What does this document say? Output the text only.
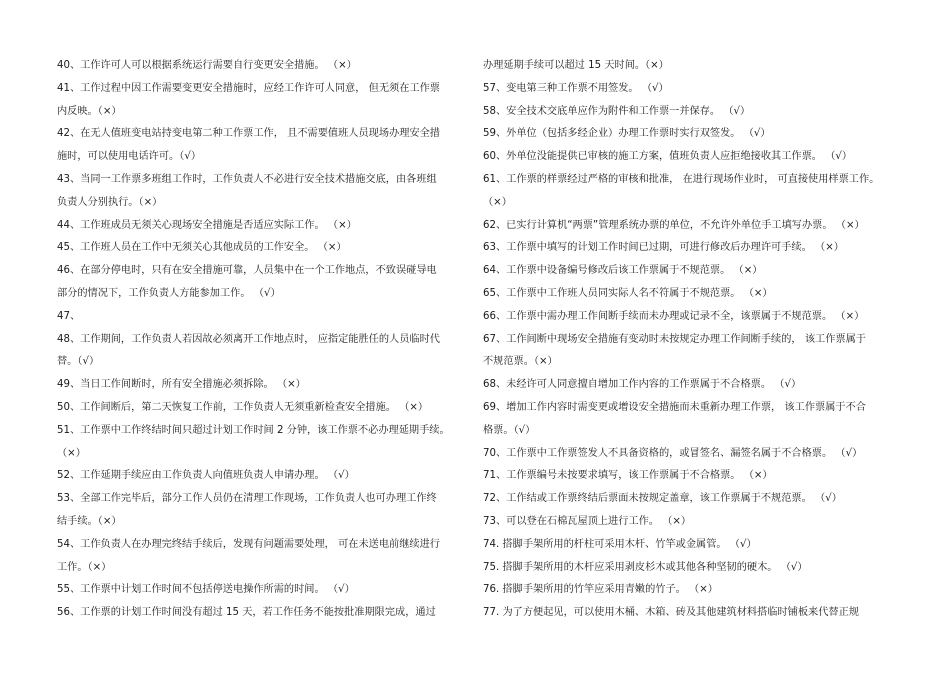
40、工作许可人可以根据系统运行需要自行变更安全措施。 （×）
41、工作过程中因工作需要变更安全措施时，应经工作许可人同意， 但无须在工作票
内反映。（×）
42、在无人值班变电站持变电第二种工作票工作， 且不需要值班人员现场办理安全措
施时，可以使用电话许可。（√）
43、当同一工作票多班组工作时，工作负责人不必进行安全技术措施交底，由各班组
负责人分别执行。（×）
44、工作班成员无须关心现场安全措施是否适应实际工作。 （×）
45、工作班人员在工作中无须关心其他成员的工作安全。 （×）
46、在部分停电时，只有在安全措施可靠，人员集中在一个工作地点，不致误碰导电
部分的情况下，工作负责人方能参加工作。 （√）
47、
48、工作期间，工作负责人若因故必须离开工作地点时， 应指定能胜任的人员临时代
替。（√）
49、当日工作间断时，所有安全措施必须拆除。 （×）
50、工作间断后，第二天恢复工作前，工作负责人无须重新检查安全措施。 （×）
51、工作票中工作终结时间只超过计划工作时间 2 分钟，该工作票不必办理延期手续。
（×）
52、工作延期手续应由工作负责人向值班负责人申请办理。 （√）
53、全部工作完毕后，部分工作人员仍在清理工作现场，工作负责人也可办理工作终
结手续。（×）
54、工作负责人在办理完终结手续后，发现有问题需要处理， 可在未送电前继续进行
工作。（×）
55、工作票中计划工作时间不包括停送电操作所需的时间。 （√）
56、工作票的计划工作时间没有超过 15 天，若工作任务不能按批准期限完成，通过
办理延期手续可以超过 15 天时间。（×）
57、变电第三种工作票不用签发。 （√）
58、安全技术交底单应作为附件和工作票一并保存。 （√）
59、外单位（包括多经企业）办理工作票时实行双签发。 （√）
60、外单位没能提供已审核的施工方案，值班负责人应拒绝接收其工作票。 （√）
61、工作票的样票经过严格的审核和批准， 在进行现场作业时， 可直接使用样票工作。
（×）
62、已实行计算机“两票”管理系统办票的单位，不允许外单位手工填写办票。 （×）
63、工作票中填写的计划工作时间已过期，可进行修改后办理许可手续。 （×）
64、工作票中设备编号修改后该工作票属于不规范票。 （×）
65、工作票中工作班人员同实际人名不符属于不规范票。 （×）
66、工作票中需办理工作间断手续而未办理或记录不全，该票属于不规范票。 （×）
67、工作间断中现场安全措施有变动时未按规定办理工作间断手续的， 该工作票属于
不规范票。（×）
68、未经许可人同意擅自增加工作内容的工作票属于不合格票。 （√）
69、增加工作内容时需变更或增设安全措施而未重新办理工作票， 该工作票属于不合
格票。（√）
70、工作票中工作票签发人不具备资格的，或冒签名、漏签名属于不合格票。 （√）
71、工作票编号未按要求填写，该工作票属于不合格票。 （×）
72、工作结或工作票终结后票面未按规定盖章，该工作票属于不规范票。 （√）
73、可以登在石棉瓦屋顶上进行工作。 （×）
74. 搭脚手架所用的杆柱可采用木杆、竹竿或金属管。 （√）
75. 搭脚手架所用的木杆应采用剥皮杉木或其他各种坚韧的硬木。 （√）
76. 搭脚手架所用的竹竿应采用青嫩的竹子。 （×）
77. 为了方便起见，可以使用木桶、木箱、砖及其他建筑材料搭临时铺板来代替正规
